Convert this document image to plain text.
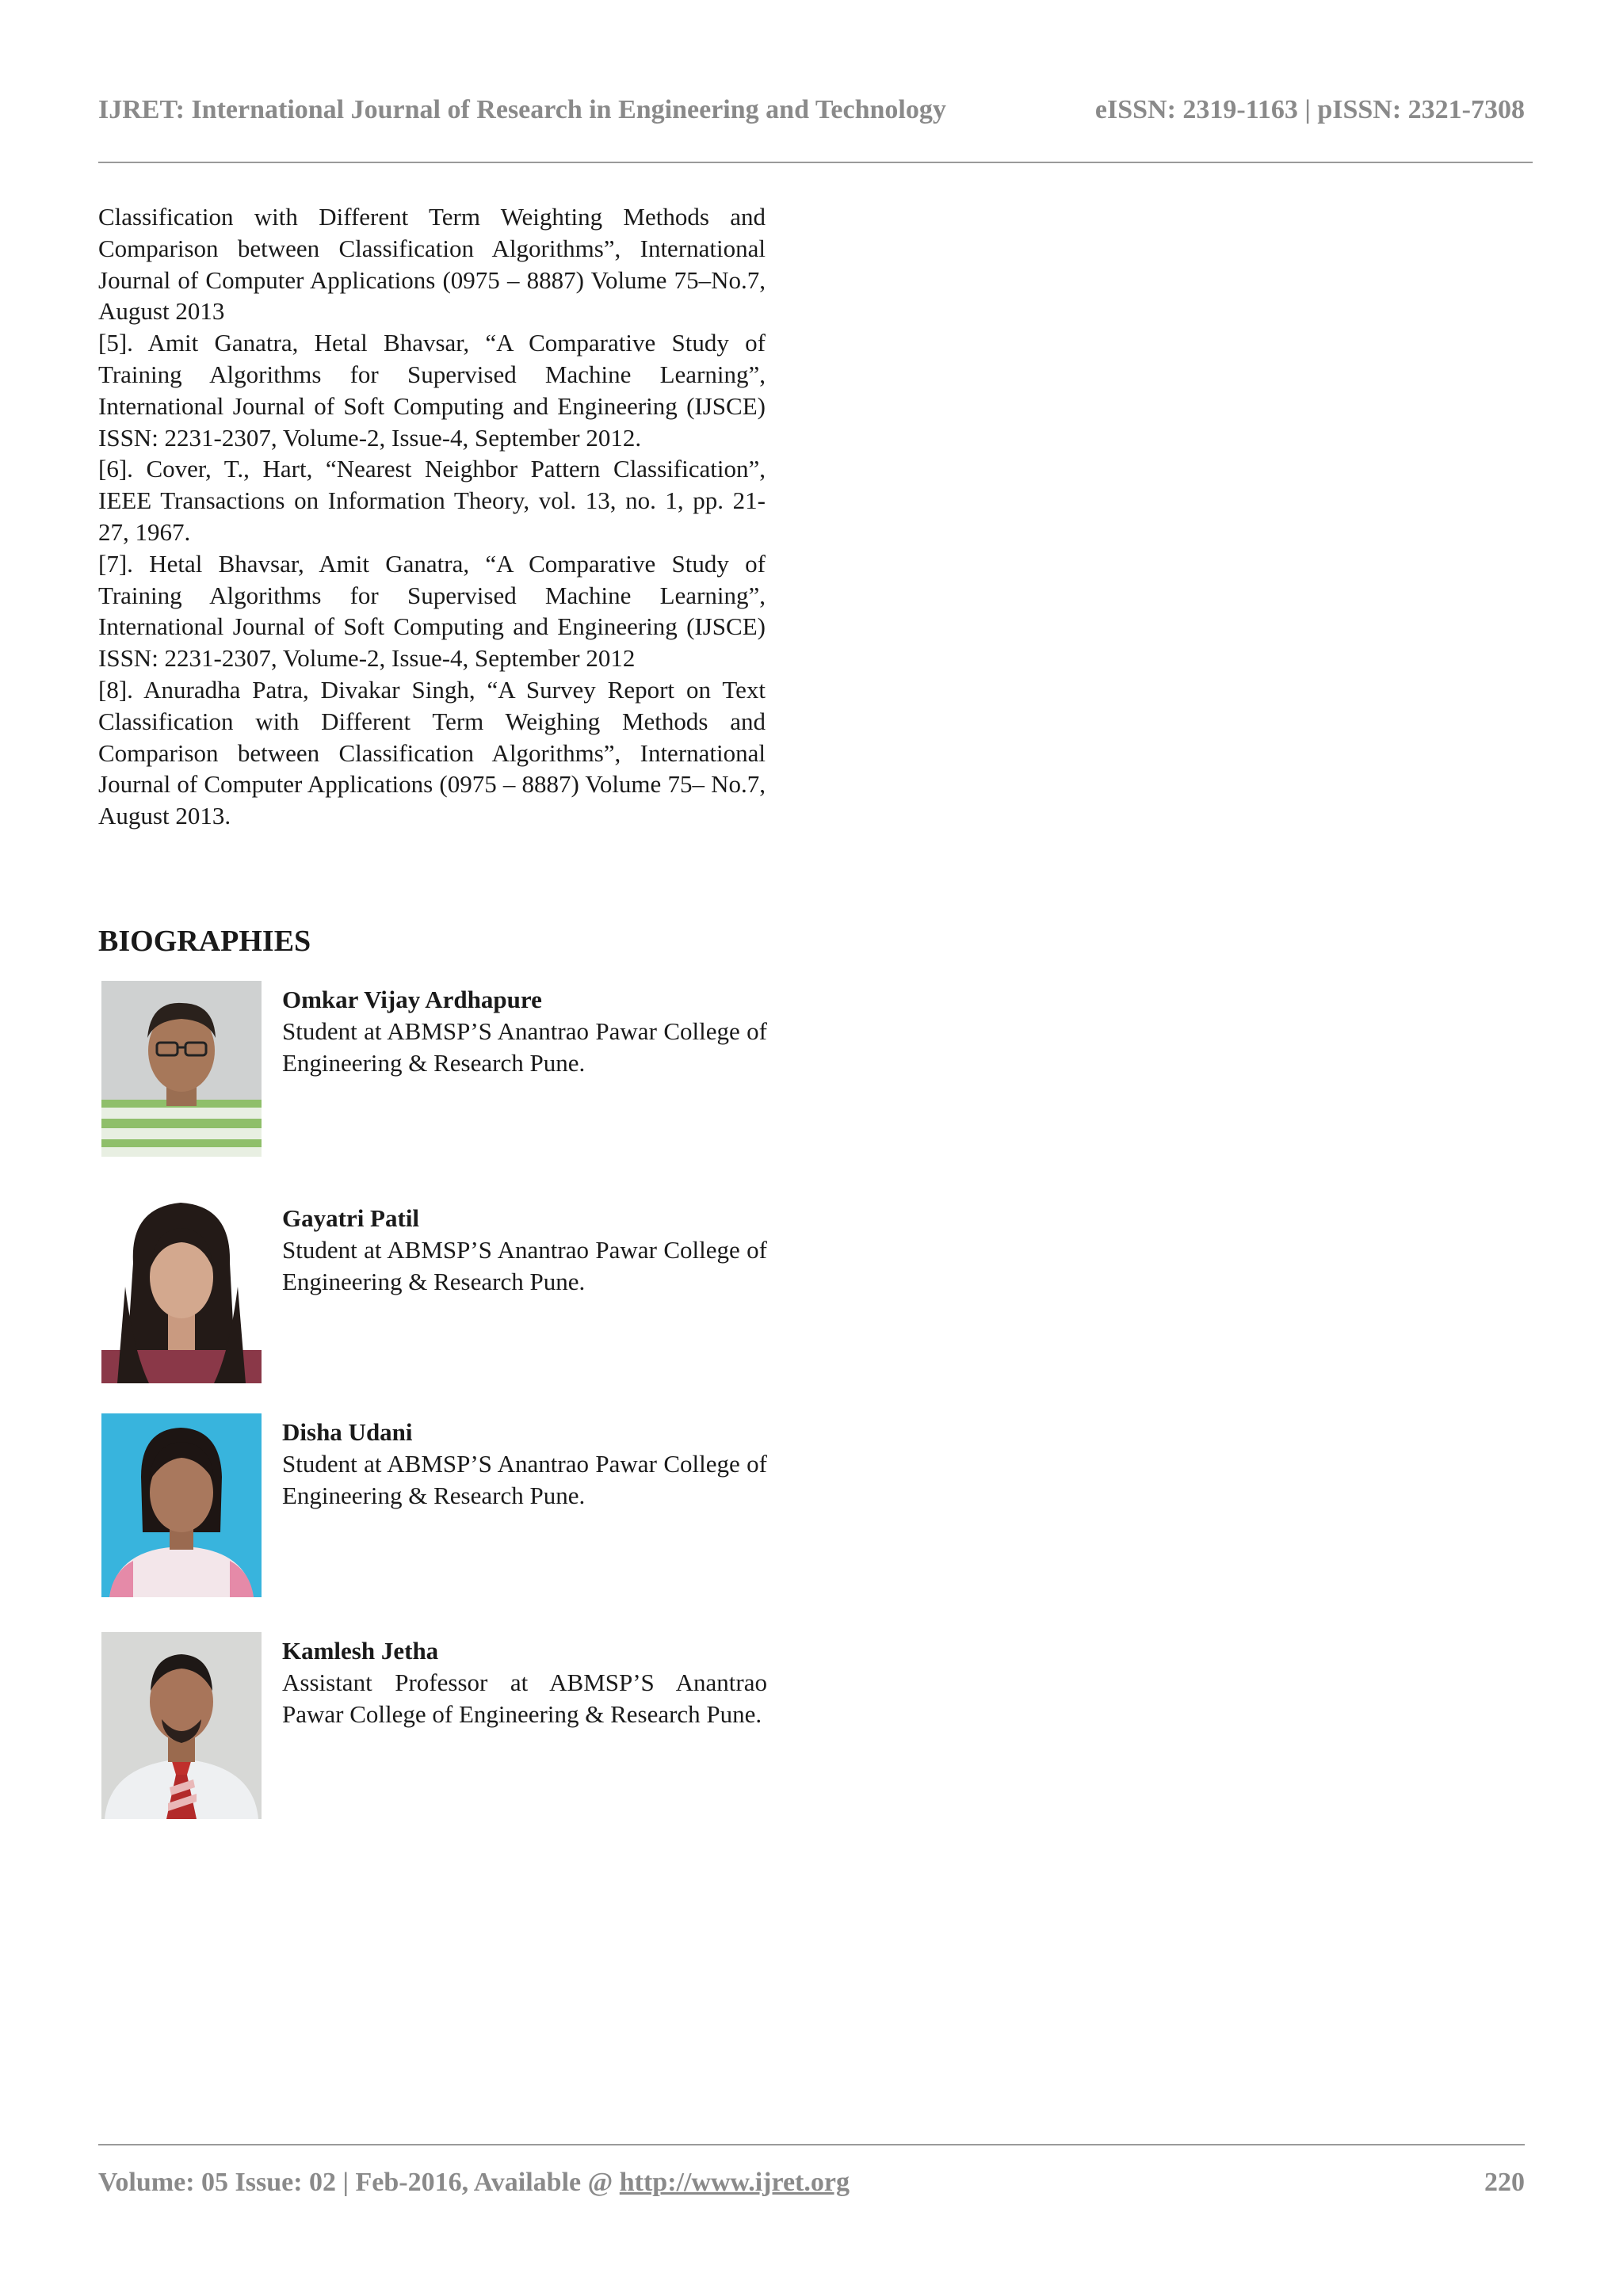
IJRET: International Journal of Research in Engineering and Technology	eISSN: 2319-1163 | pISSN: 2321-7308

Classification with Different Term Weighting Methods and Comparison between Classification Algorithms”, International Journal of Computer Applications (0975 – 8887) Volume 75–No.7, August 2013

[5]. Amit Ganatra, Hetal Bhavsar, “A Comparative Study of Training Algorithms for Supervised Machine Learning”, International Journal of Soft Computing and Engineering (IJSCE) ISSN: 2231-2307, Volume-2, Issue-4, September 2012.

[6]. Cover, T., Hart, “Nearest Neighbor Pattern Classification”, IEEE Transactions on Information Theory, vol. 13, no. 1, pp. 21-27, 1967.

[7]. Hetal Bhavsar, Amit Ganatra, “A Comparative Study of Training Algorithms for Supervised Machine Learning”, International Journal of Soft Computing and Engineering (IJSCE) ISSN: 2231-2307, Volume-2, Issue-4, September 2012

[8]. Anuradha Patra, Divakar Singh, “A Survey Report on Text Classification with Different Term Weighing Methods and Comparison between Classification Algorithms”, International Journal of Computer Applications (0975 – 8887) Volume 75– No.7, August 2013.

BIOGRAPHIES
Omkar Vijay Ardhapure
Student at ABMSP’S Anantrao Pawar College of Engineering & Research Pune.
Gayatri Patil
Student at ABMSP’S Anantrao Pawar College of Engineering & Research Pune.
Disha Udani
Student at ABMSP’S Anantrao Pawar College of Engineering & Research Pune.
Kamlesh Jetha
Assistant Professor at ABMSP’S Anantrao Pawar College of Engineering & Research Pune.
Volume: 05 Issue: 02 | Feb-2016, Available @ http://www.ijret.org	220
